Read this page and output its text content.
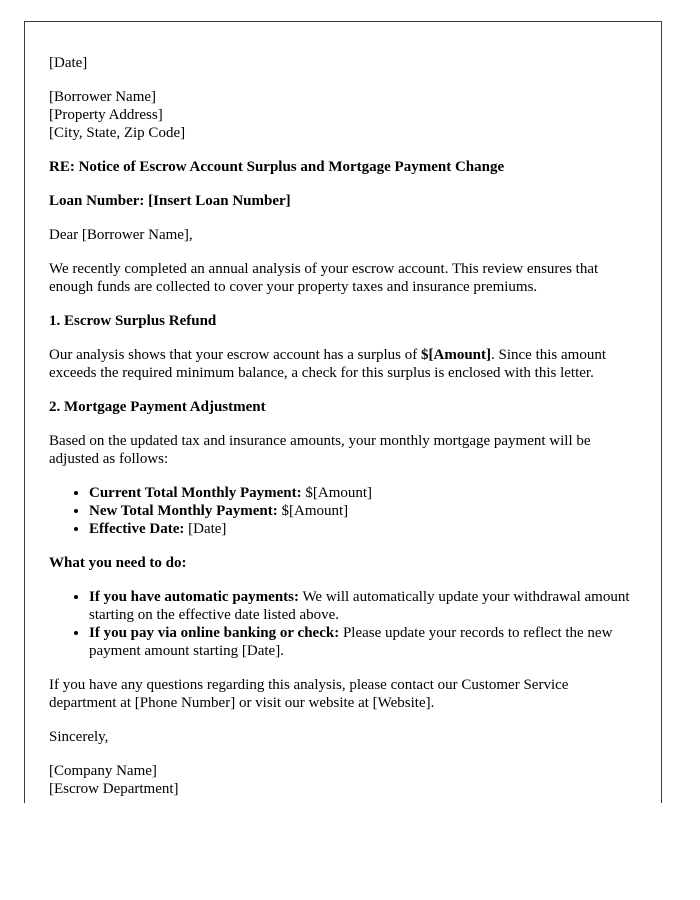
[Date]

[Borrower Name]
[Property Address]
[City, State, Zip Code]

RE: Notice of Escrow Account Surplus and Mortgage Payment Change

Loan Number: [Insert Loan Number]

Dear [Borrower Name],

We recently completed an annual analysis of your escrow account. This review ensures that enough funds are collected to cover your property taxes and insurance premiums.

1. Escrow Surplus Refund

Our analysis shows that your escrow account has a surplus of $[Amount]. Since this amount exceeds the required minimum balance, a check for this surplus is enclosed with this letter.

2. Mortgage Payment Adjustment

Based on the updated tax and insurance amounts, your monthly mortgage payment will be adjusted as follows:

• Current Total Monthly Payment: $[Amount]
• New Total Monthly Payment: $[Amount]
• Effective Date: [Date]

What you need to do:

• If you have automatic payments: We will automatically update your withdrawal amount starting on the effective date listed above.
• If you pay via online banking or check: Please update your records to reflect the new payment amount starting [Date].

If you have any questions regarding this analysis, please contact our Customer Service department at [Phone Number] or visit our website at [Website].

Sincerely,

[Company Name]
[Escrow Department]
